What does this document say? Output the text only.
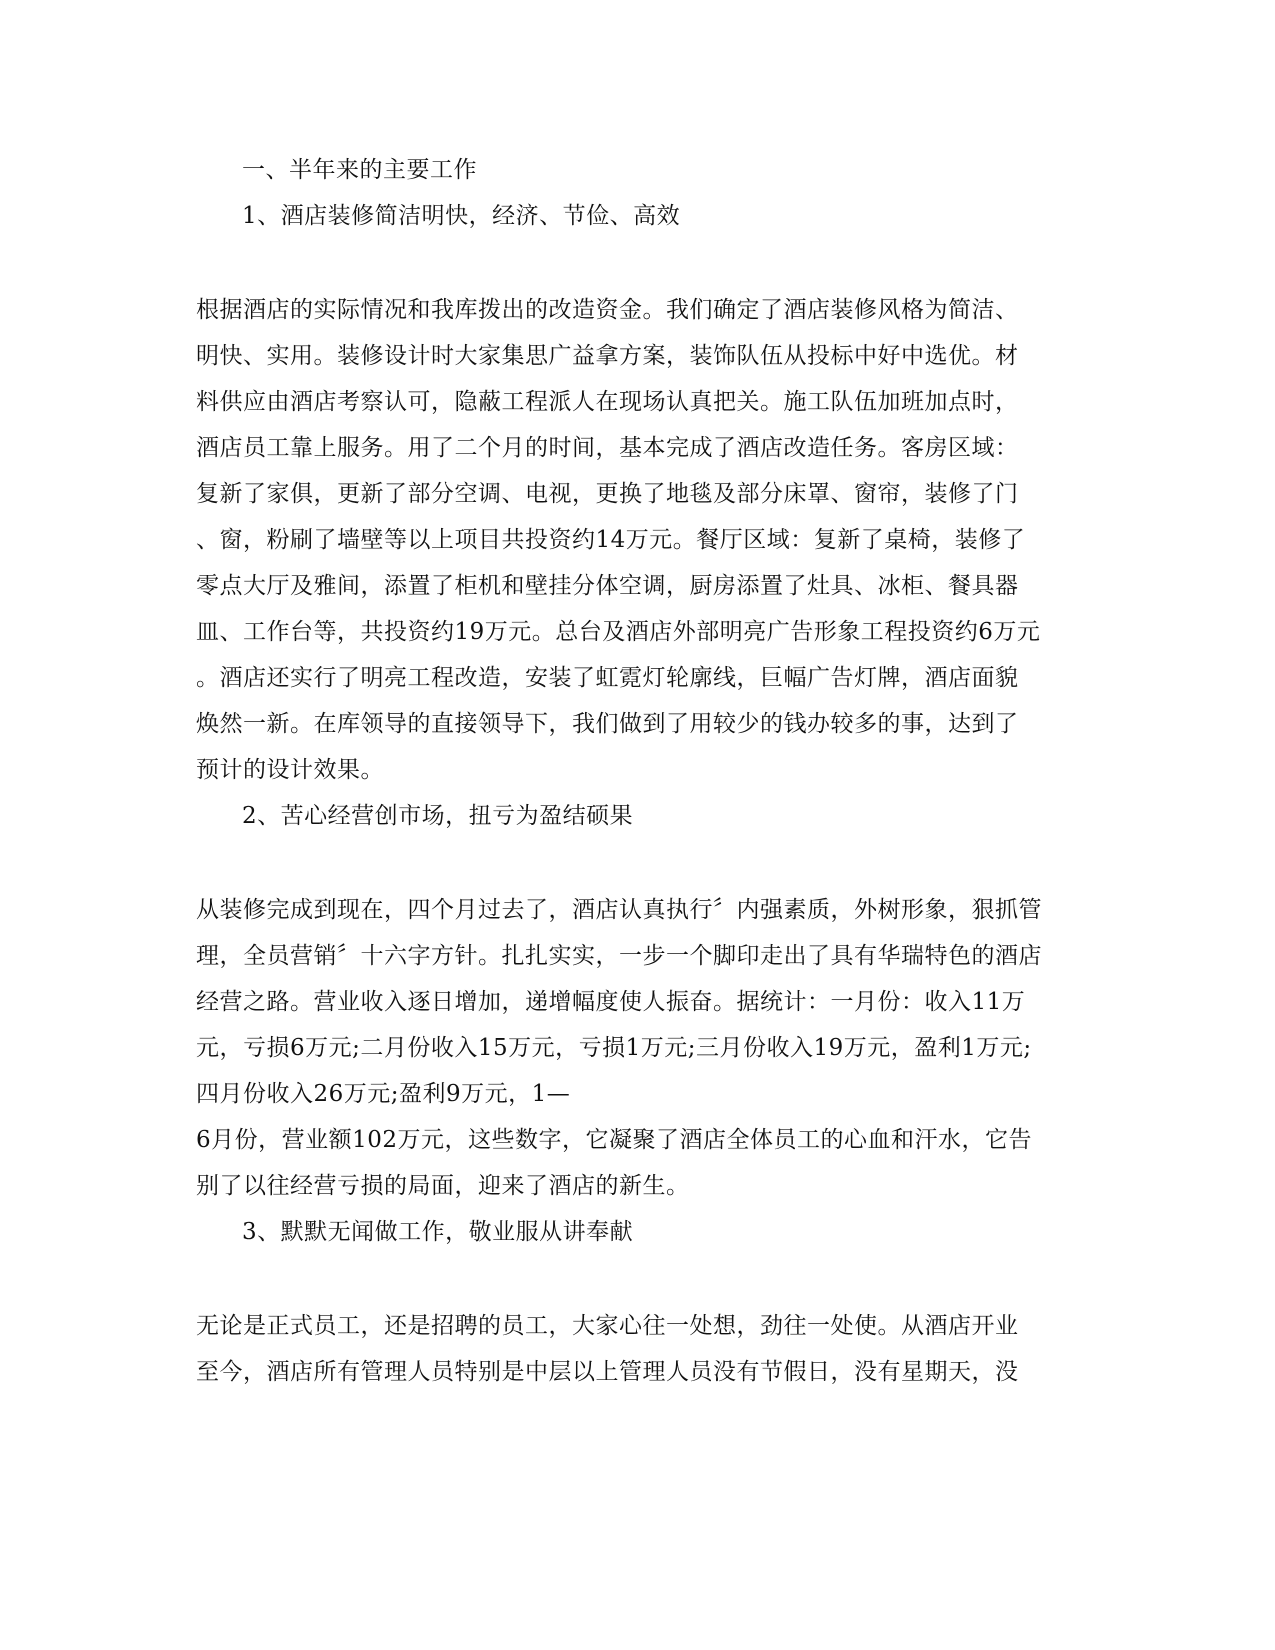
一、半年来的主要工作
1、酒店装修简洁明快，经济、节俭、高效
根据酒店的实际情况和我库拨出的改造资金。我们确定了酒店装修风格为简洁、
明快、实用。装修设计时大家集思广益拿方案，装饰队伍从投标中好中选优。材
料供应由酒店考察认可，隐蔽工程派人在现场认真把关。施工队伍加班加点时，
酒店员工靠上服务。用了二个月的时间，基本完成了酒店改造任务。客房区域：
复新了家俱，更新了部分空调、电视，更换了地毯及部分床罩、窗帘，装修了门
、窗，粉刷了墙壁等以上项目共投资约14万元。餐厅区域：复新了桌椅，装修了
零点大厅及雅间，添置了柜机和壁挂分体空调，厨房添置了灶具、冰柜、餐具器
皿、工作台等，共投资约19万元。总台及酒店外部明亮广告形象工程投资约6万元
。酒店还实行了明亮工程改造，安装了虹霓灯轮廓线，巨幅广告灯牌，酒店面貌
焕然一新。在库领导的直接领导下，我们做到了用较少的钱办较多的事，达到了
预计的设计效果。
2、苦心经营创市场，扭亏为盈结硕果
从装修完成到现在，四个月过去了，酒店认真执行〞内强素质，外树形象，狠抓管
理，全员营销〞十六字方针。扎扎实实，一步一个脚印走出了具有华瑞特色的酒店
经营之路。营业收入逐日增加，递增幅度使人振奋。据统计：一月份：收入11万
元，亏损6万元;二月份收入15万元，亏损1万元;三月份收入19万元，盈利1万元;
四月份收入26万元;盈利9万元，1—
6月份，营业额102万元，这些数字，它凝聚了酒店全体员工的心血和汗水，它告
别了以往经营亏损的局面，迎来了酒店的新生。
3、默默无闻做工作，敬业服从讲奉献
无论是正式员工，还是招聘的员工，大家心往一处想，劲往一处使。从酒店开业
至今，酒店所有管理人员特别是中层以上管理人员没有节假日，没有星期天，没
